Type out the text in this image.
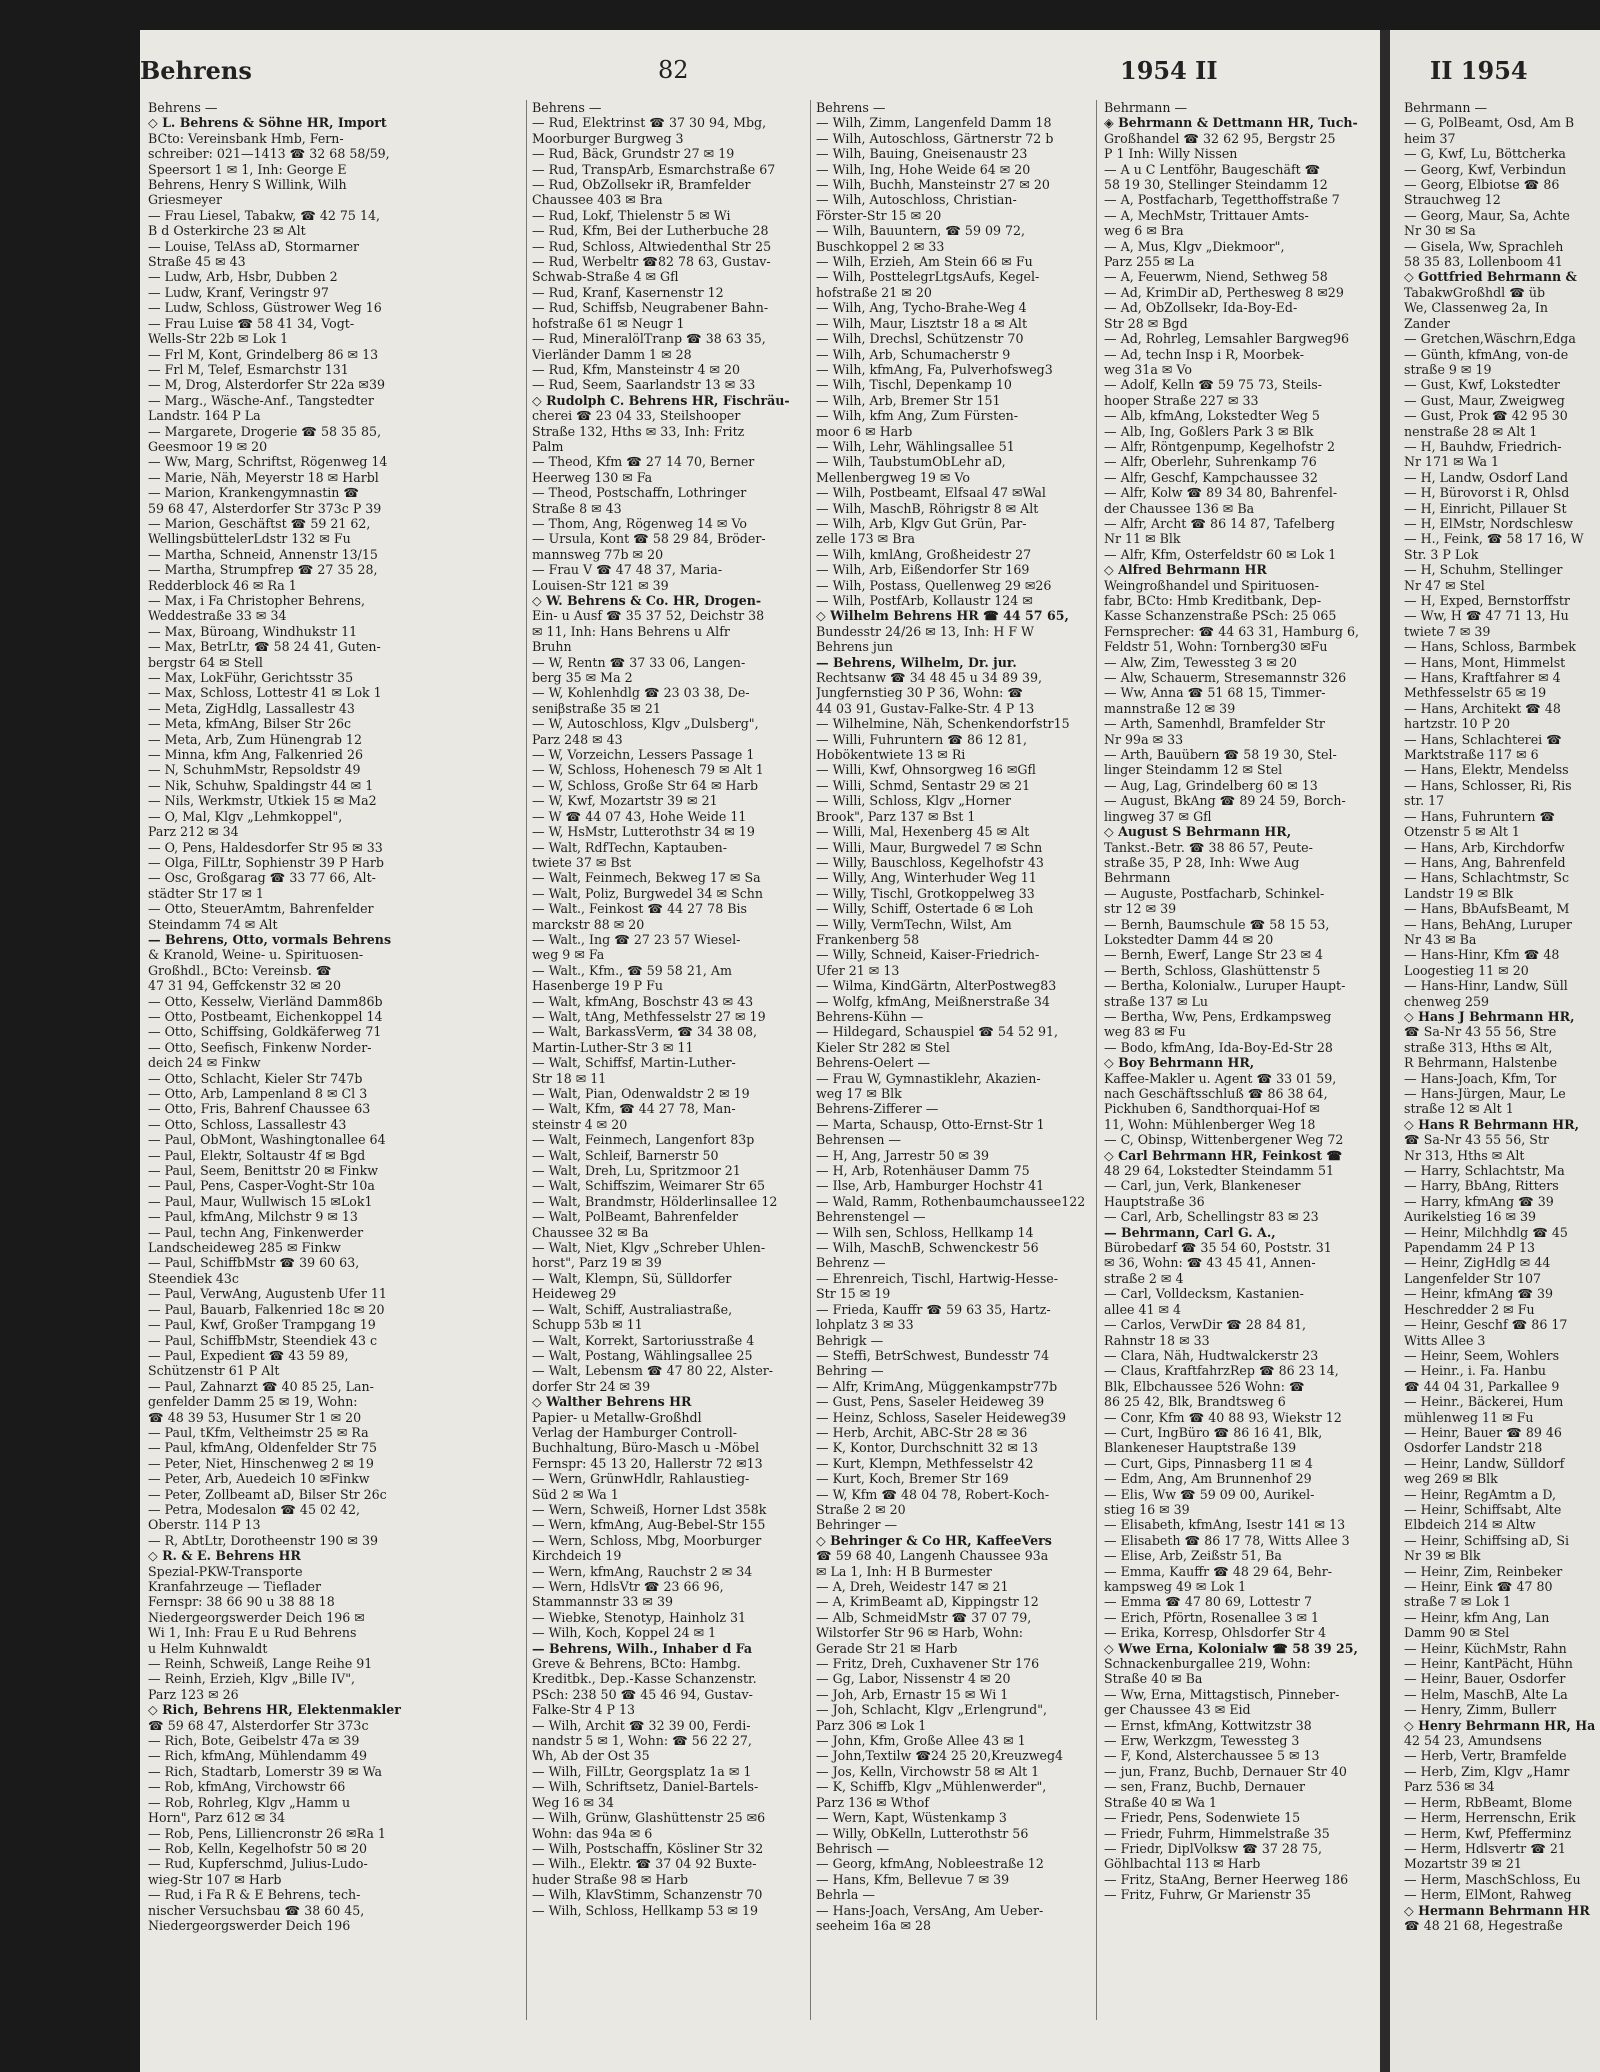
Behrens	82	1954 II	II 1954
Behrens —
◇ L. Behrens & Söhne HR, Import
BCto: Vereinsbank Hmb, Fern-
schreiber: 021—1413 ☎ 32 68 58/59,
Speersort 1 ✉ 1, Inh: George E
Behrens, Henry S Willink, Wilh
Griesmeyer
— Frau Liesel, Tabakw, ☎ 42 75 14,
B d Osterkirche 23 ✉ Alt
— Louise, TelAss aD, Stormarner
Straße 45 ✉ 43
— Ludw, Arb, Hsbr, Dubben 2
— Ludw, Kranf, Veringstr 97
— Ludw, Schloss, Güstrower Weg 16
— Frau Luise ☎ 58 41 34, Vogt-
Wells-Str 22b ✉ Lok 1
— Frl M, Kont, Grindelberg 86 ✉ 13
— Frl M, Telef, Esmarchstr 131
— M, Drog, Alsterdorfer Str 22a ✉39
— Marg., Wäsche-Anf., Tangstedter
Landstr. 164 P La
— Margarete, Drogerie ☎ 58 35 85,
Geesmoor 19 ✉ 20
— Ww, Marg, Schriftst, Rögenweg 14
— Marie, Näh, Meyerstr 18 ✉ Harbl
— Marion, Krankengymnastin ☎
59 68 47, Alsterdorfer Str 373c P 39
— Marion, Geschäftst ☎ 59 21 62,
WellingsbüttelerLdstr 132 ✉ Fu
— Martha, Schneid, Annenstr 13/15
— Martha, Strumpfrep ☎ 27 35 28,
Redderblock 46 ✉ Ra 1
— Max, i Fa Christopher Behrens,
Weddestraße 33 ✉ 34
— Max, Büroang, Windhukstr 11
— Max, BetrLtr, ☎ 58 24 41, Guten-
bergstr 64 ✉ Stell
— Max, LokFühr, Gerichtsstr 35
— Max, Schloss, Lottestr 41 ✉ Lok 1
— Meta, ZigHdlg, Lassallestr 43
— Meta, kfmAng, Bilser Str 26c
— Meta, Arb, Zum Hünengrab 12
— Minna, kfm Ang, Falkenried 26
— N, SchuhmMstr, Repsoldstr 49
— Nik, Schuhw, Spaldingstr 44 ✉ 1
— Nils, Werkmstr, Utkiek 15 ✉ Ma2
— O, Mal, Klgv „Lehmkoppel",
Parz 212 ✉ 34
— O, Pens, Haldesdorfer Str 95 ✉ 33
— Olga, FilLtr, Sophienstr 39 P Harb
— Osc, Großgarag ☎ 33 77 66, Alt-
städter Str 17 ✉ 1
— Otto, SteuerAmtm, Bahrenfelder
Steindamm 74 ✉ Alt
— Behrens, Otto, vormals Behrens
& Kranold, Weine- u. Spirituosen-
Großhdl., BCto: Vereinsb. ☎
47 31 94, Geffckenstr 32 ✉ 20
— Otto, Kesselw, Vierländ Damm86b
— Otto, Postbeamt, Eichenkoppel 14
— Otto, Schiffsing, Goldkäferweg 71
— Otto, Seefisch, Finkenw Norder-
deich 24 ✉ Finkw
— Otto, Schlacht, Kieler Str 747b
— Otto, Arb, Lampenland 8 ✉ Cl 3
— Otto, Fris, Bahrenf Chaussee 63
— Otto, Schloss, Lassallestr 43
— Paul, ObMont, Washingtonallee 64
— Paul, Elektr, Soltaustr 4f ✉ Bgd
— Paul, Seem, Benittstr 20 ✉ Finkw
— Paul, Pens, Casper-Voght-Str 10a
— Paul, Maur, Wullwisch 15 ✉Lok1
— Paul, kfmAng, Milchstr 9 ✉ 13
— Paul, techn Ang, Finkenwerder
Landscheideweg 285 ✉ Finkw
— Paul, SchiffbMstr ☎ 39 60 63,
Steendiek 43c
— Paul, VerwAng, Augustenb Ufer 11
— Paul, Bauarb, Falkenried 18c ✉ 20
— Paul, Kwf, Großer Trampgang 19
— Paul, SchiffbMstr, Steendiek 43 c
— Paul, Expedient ☎ 43 59 89,
Schützenstr 61 P Alt
— Paul, Zahnarzt ☎ 40 85 25, Lan-
genfelder Damm 25 ✉ 19, Wohn:
☎ 48 39 53, Husumer Str 1 ✉ 20
— Paul, tKfm, Veltheimstr 25 ✉ Ra
— Paul, kfmAng, Oldenfelder Str 75
— Peter, Niet, Hinschenweg 2 ✉ 19
— Peter, Arb, Auedeich 10 ✉Finkw
— Peter, Zollbeamt aD, Bilser Str 26c
— Petra, Modesalon ☎ 45 02 42,
Oberstr. 114 P 13
— R, AbtLtr, Dorotheenstr 190 ✉ 39
◇ R. & E. Behrens HR
Spezial-PKW-Transporte
Kranfahrzeuge — Tieflader
Fernspr: 38 66 90 u 38 88 18
Niedergeorgswerder Deich 196 ✉
Wi 1, Inh: Frau E u Rud Behrens
u Helm Kuhnwaldt
— Reinh, Schweiß, Lange Reihe 91
— Reinh, Erzieh, Klgv „Bille IV",
Parz 123 ✉ 26
◇ Rich, Behrens HR, Elektenmakler
☎ 59 68 47, Alsterdorfer Str 373c
— Rich, Bote, Geibelstr 47a ✉ 39
— Rich, kfmAng, Mühlendamm 49
— Rich, Stadtarb, Lomerstr 39 ✉ Wa
— Rob, kfmAng, Virchowstr 66
— Rob, Rohrleg, Klgv „Hamm u
Horn", Parz 612 ✉ 34
— Rob, Pens, Lilliencronstr 26 ✉Ra 1
— Rob, Kelln, Kegelhofstr 50 ✉ 20
— Rud, Kupferschmd, Julius-Ludo-
wieg-Str 107 ✉ Harb
— Rud, i Fa R & E Behrens, tech-
nischer Versuchsbau ☎ 38 60 45,
Niedergeorgswerder Deich 196
Behrens —
— Rud, Elektrinst ☎ 37 30 94, Mbg,
Moorburger Burgweg 3
— Rud, Bäck, Grundstr 27 ✉ 19
— Rud, TranspArb, Esmarchstraße 67
— Rud, ObZollsekr iR, Bramfelder
Chaussee 403 ✉ Bra
— Rud, Lokf, Thielenstr 5 ✉ Wi
— Rud, Kfm, Bei der Lutherbuche 28
— Rud, Schloss, Altwiedenthal Str 25
— Rud, Werbeltr ☎82 78 63, Gustav-
Schwab-Straße 4 ✉ Gfl
— Rud, Kranf, Kasernenstr 12
— Rud, Schiffsb, Neugrabener Bahn-
hofstraße 61 ✉ Neugr 1
— Rud, MineralölTranp ☎ 38 63 35,
Vierländer Damm 1 ✉ 28
— Rud, Kfm, Mansteinstr 4 ✉ 20
— Rud, Seem, Saarlandstr 13 ✉ 33
◇ Rudolph C. Behrens HR, Fischräu-
cherei ☎ 23 04 33, Steilshooper
Straße 132, Hths ✉ 33, Inh: Fritz
Palm
— Theod, Kfm ☎ 27 14 70, Berner
Heerweg 130 ✉ Fa
— Theod, Postschaffn, Lothringer
Straße 8 ✉ 43
— Thom, Ang, Rögenweg 14 ✉ Vo
— Ursula, Kont ☎ 58 29 84, Bröder-
mannsweg 77b ✉ 20
— Frau V ☎ 47 48 37, Maria-
Louisen-Str 121 ✉ 39
◇ W. Behrens & Co. HR, Drogen-
Ein- u Ausf ☎ 35 37 52, Deichstr 38
✉ 11, Inh: Hans Behrens u Alfr
Bruhn
— W, Rentn ☎ 37 33 06, Langen-
berg 35 ✉ Ma 2
— W, Kohlenhdlg ☎ 23 03 38, De-
seniβstraße 35 ✉ 21
— W, Autoschloss, Klgv „Dulsberg",
Parz 248 ✉ 43
— W, Vorzeichn, Lessers Passage 1
— W, Schloss, Hohenesch 79 ✉ Alt 1
— W, Schloss, Große Str 64 ✉ Harb
— W, Kwf, Mozartstr 39 ✉ 21
— W ☎ 44 07 43, Hohe Weide 11
— W, HsMstr, Lutterothstr 34 ✉ 19
— Walt, RdfTechn, Kaptauben-
twiete 37 ✉ Bst
— Walt, Feinmech, Bekweg 17 ✉ Sa
— Walt, Poliz, Burgwedel 34 ✉ Schn
— Walt., Feinkost ☎ 44 27 78 Bis
marckstr 88 ✉ 20
— Walt., Ing ☎ 27 23 57 Wiesel-
weg 9 ✉ Fa
— Walt., Kfm., ☎ 59 58 21, Am
Hasenberge 19 P Fu
— Walt, kfmAng, Boschstr 43 ✉ 43
— Walt, tAng, Methfesselstr 27 ✉ 19
— Walt, BarkassVerm, ☎ 34 38 08,
Martin-Luther-Str 3 ✉ 11
— Walt, Schiffsf, Martin-Luther-
Str 18 ✉ 11
— Walt, Pian, Odenwaldstr 2 ✉ 19
— Walt, Kfm, ☎ 44 27 78, Man-
steinstr 4 ✉ 20
— Walt, Feinmech, Langenfort 83p
— Walt, Schleif, Barnerstr 50
— Walt, Dreh, Lu, Spritzmoor 21
— Walt, Schiffszim, Weimarer Str 65
— Walt, Brandmstr, Hölderlinsallee 12
— Walt, PolBeamt, Bahrenfelder
Chaussee 32 ✉ Ba
— Walt, Niet, Klgv „Schreber Uhlen-
horst", Parz 19 ✉ 39
— Walt, Klempn, Sü, Sülldorfer
Heideweg 29
— Walt, Schiff, Australiastraße,
Schupp 53b ✉ 11
— Walt, Korrekt, Sartoriusstraße 4
— Walt, Postang, Wählingsallee 25
— Walt, Lebensm ☎ 47 80 22, Alster-
dorfer Str 24 ✉ 39
◇ Walther Behrens HR
Papier- u Metallw-Großhdl
Verlag der Hamburger Controll-
Buchhaltung, Büro-Masch u -Möbel
Fernspr: 45 13 20, Hallerstr 72 ✉13
— Wern, GrünwHdlr, Rahlaustieg-
Süd 2 ✉ Wa 1
— Wern, Schweiß, Horner Ldst 358k
— Wern, kfmAng, Aug-Bebel-Str 155
— Wern, Schloss, Mbg, Moorburger
Kirchdeich 19
— Wern, kfmAng, Rauchstr 2 ✉ 34
— Wern, HdlsVtr ☎ 23 66 96,
Stammannstr 33 ✉ 39
— Wiebke, Stenotyp, Hainholz 31
— Wilh, Koch, Koppel 24 ✉ 1
— Behrens, Wilh., Inhaber d Fa
Greve & Behrens, BCto: Hambg.
Kreditbk., Dep.-Kasse Schanzenstr.
PSch: 238 50 ☎ 45 46 94, Gustav-
Falke-Str 4 P 13
— Wilh, Archit ☎ 32 39 00, Ferdi-
nandstr 5 ✉ 1, Wohn: ☎ 56 22 27,
Wh, Ab der Ost 35
— Wilh, FilLtr, Georgsplatz 1a ✉ 1
— Wilh, Schriftsetz, Daniel-Bartels-
Weg 16 ✉ 34
— Wilh, Grünw, Glashüttenstr 25 ✉6
Wohn: das 94a ✉ 6
— Wilh, Postschaffn, Kösliner Str 32
— Wilh., Elektr. ☎ 37 04 92 Buxte-
huder Straße 98 ✉ Harb
— Wilh, KlavStimm, Schanzenstr 70
— Wilh, Schloss, Hellkamp 53 ✉ 19
Behrens —
— Wilh, Zimm, Langenfeld Damm 18
— Wilh, Autoschloss, Gärtnerstr 72 b
— Wilh, Bauing, Gneisenaustr 23
— Wilh, Ing, Hohe Weide 64 ✉ 20
— Wilh, Buchh, Mansteinstr 27 ✉ 20
— Wilh, Autoschloss, Christian-
Förster-Str 15 ✉ 20
— Wilh, Bauuntern, ☎ 59 09 72,
Buschkoppel 2 ✉ 33
— Wilh, Erzieh, Am Stein 66 ✉ Fu
— Wilh, PosttelegrLtgsAufs, Kegel-
hofstraße 21 ✉ 20
— Wilh, Ang, Tycho-Brahe-Weg 4
— Wilh, Maur, Lisztstr 18 a ✉ Alt
— Wilh, Drechsl, Schützenstr 70
— Wilh, Arb, Schumacherstr 9
— Wilh, kfmAng, Fa, Pulverhofsweg3
— Wilh, Tischl, Depenkamp 10
— Wilh, Arb, Bremer Str 151
— Wilh, kfm Ang, Zum Fürsten-
moor 6 ✉ Harb
— Wilh, Lehr, Wählingsallee 51
— Wilh, TaubstumObLehr aD,
Mellenbergweg 19 ✉ Vo
— Wilh, Postbeamt, Elfsaal 47 ✉Wal
— Wilh, MaschB, Röhrigstr 8 ✉ Alt
— Wilh, Arb, Klgv Gut Grün, Par-
zelle 173 ✉ Bra
— Wilh, kmlAng, Großheidestr 27
— Wilh, Arb, Eißendorfer Str 169
— Wilh, Postass, Quellenweg 29 ✉26
— Wilh, PostfArb, Kollaustr 124 ✉
◇ Wilhelm Behrens HR ☎ 44 57 65,
Bundesstr 24/26 ✉ 13, Inh: H F W
Behrens jun
— Behrens, Wilhelm, Dr. jur.
Rechtsanw ☎ 34 48 45 u 34 89 39,
Jungfernstieg 30 P 36, Wohn: ☎
44 03 91, Gustav-Falke-Str. 4 P 13
— Wilhelmine, Näh, Schenkendorfstr15
— Willi, Fuhruntern ☎ 86 12 81,
Hobökentwiete 13 ✉ Ri
— Willi, Kwf, Ohnsorgweg 16 ✉Gfl
— Willi, Schmd, Sentastr 29 ✉ 21
— Willi, Schloss, Klgv „Horner
Brook", Parz 137 ✉ Bst 1
— Willi, Mal, Hexenberg 45 ✉ Alt
— Willi, Maur, Burgwedel 7 ✉ Schn
— Willy, Bauschloss, Kegelhofstr 43
— Willy, Ang, Winterhuder Weg 11
— Willy, Tischl, Grotkoppelweg 33
— Willy, Schiff, Ostertade 6 ✉ Loh
— Willy, VermTechn, Wilst, Am
Frankenberg 58
— Willy, Schneid, Kaiser-Friedrich-
Ufer 21 ✉ 13
— Wilma, KindGärtn, AlterPostweg83
— Wolfg, kfmAng, Meißnerstraße 34
Behrens-Kühn —
— Hildegard, Schauspiel ☎ 54 52 91,
Kieler Str 282 ✉ Stel
Behrens-Oelert —
— Frau W, Gymnastiklehr, Akazien-
weg 17 ✉ Blk
Behrens-Zifferer —
— Marta, Schausp, Otto-Ernst-Str 1
Behrensen —
— H, Ang, Jarrestr 50 ✉ 39
— H, Arb, Rotenhäuser Damm 75
— Ilse, Arb, Hamburger Hochstr 41
— Wald, Ramm, Rothenbaumchaussee122
Behrenstengel —
— Wilh sen, Schloss, Hellkamp 14
— Wilh, MaschB, Schwenckestr 56
Behrenz —
— Ehrenreich, Tischl, Hartwig-Hesse-
Str 15 ✉ 19
— Frieda, Kauffr ☎ 59 63 35, Hartz-
lohplatz 3 ✉ 33
Behrigk —
— Steffi, BetrSchwest, Bundesstr 74
Behring —
— Alfr, KrimAng, Müggenkampstr77b
— Gust, Pens, Saseler Heideweg 39
— Heinz, Schloss, Saseler Heideweg39
— Herb, Archit, ABC-Str 28 ✉ 36
— K, Kontor, Durchschnitt 32 ✉ 13
— Kurt, Klempn, Methfesselstr 42
— Kurt, Koch, Bremer Str 169
— W, Kfm ☎ 48 04 78, Robert-Koch-
Straße 2 ✉ 20
Behringer —
◇ Behringer & Co HR, KaffeeVers
☎ 59 68 40, Langenh Chaussee 93a
✉ La 1, Inh: H B Burmester
— A, Dreh, Weidestr 147 ✉ 21
— A, KrimBeamt aD, Kippingstr 12
— Alb, SchmeidMstr ☎ 37 07 79,
Wilstorfer Str 96 ✉ Harb, Wohn:
Gerade Str 21 ✉ Harb
— Fritz, Dreh, Cuxhavener Str 176
— Gg, Labor, Nissenstr 4 ✉ 20
— Joh, Arb, Ernastr 15 ✉ Wi 1
— Joh, Schlacht, Klgv „Erlengrund",
Parz 306 ✉ Lok 1
— John, Kfm, Große Allee 43 ✉ 1
— John,Textilw ☎24 25 20,Kreuzweg4
— Jos, Kelln, Virchowstr 58 ✉ Alt 1
— K, Schiffb, Klgv „Mühlenwerder",
Parz 136 ✉ Wthof
— Wern, Kapt, Wüstenkamp 3
— Willy, ObKelln, Lutterothstr 56
Behrisch —
— Georg, kfmAng, Nobleestraße 12
— Hans, Kfm, Bellevue 7 ✉ 39
Behrla —
— Hans-Joach, VersAng, Am Ueber-
seeheim 16a ✉ 28
Behrmann —
◈ Behrmann & Dettmann HR, Tuch-
Großhandel ☎ 32 62 95, Bergstr 25
P 1 Inh: Willy Nissen
— A u C Lentföhr, Baugeschäft ☎
58 19 30, Stellinger Steindamm 12
— A, Postfacharb, Tegetthoffstraße 7
— A, MechMstr, Trittauer Amts-
weg 6 ✉ Bra
— A, Mus, Klgv „Diekmoor",
Parz 255 ✉ La
— A, Feuerwm, Niend, Sethweg 58
— Ad, KrimDir aD, Perthesweg 8 ✉29
— Ad, ObZollsekr, Ida-Boy-Ed-
Str 28 ✉ Bgd
— Ad, Rohrleg, Lemsahler Bargweg96
— Ad, techn Insp i R, Moorbek-
weg 31a ✉ Vo
— Adolf, Kelln ☎ 59 75 73, Steils-
hooper Straße 227 ✉ 33
— Alb, kfmAng, Lokstedter Weg 5
— Alb, Ing, Goßlers Park 3 ✉ Blk
— Alfr, Röntgenpump, Kegelhofstr 2
— Alfr, Oberlehr, Suhrenkamp 76
— Alfr, Geschf, Kampchaussee 32
— Alfr, Kolw ☎ 89 34 80, Bahrenfel-
der Chaussee 136 ✉ Ba
— Alfr, Archt ☎ 86 14 87, Tafelberg
Nr 11 ✉ Blk
— Alfr, Kfm, Osterfeldstr 60 ✉ Lok 1
◇ Alfred Behrmann HR
Weingroßhandel und Spirituosen-
fabr, BCto: Hmb Kreditbank, Dep-
Kasse Schanzenstraße PSch: 25 065
Fernsprecher: ☎ 44 63 31, Hamburg 6,
Feldstr 51, Wohn: Tornberg30 ✉Fu
— Alw, Zim, Tewessteg 3 ✉ 20
— Alw, Schauerm, Stresemannstr 326
— Ww, Anna ☎ 51 68 15, Timmer-
mannstraße 12 ✉ 39
— Arth, Samenhdl, Bramfelder Str
Nr 99a ✉ 33
— Arth, Bauübern ☎ 58 19 30, Stel-
linger Steindamm 12 ✉ Stel
— Aug, Lag, Grindelberg 60 ✉ 13
— August, BkAng ☎ 89 24 59, Borch-
lingweg 37 ✉ Gfl
◇ August S Behrmann HR,
Tankst.-Betr. ☎ 38 86 57, Peute-
straße 35, P 28, Inh: Wwe Aug
Behrmann
— Auguste, Postfacharb, Schinkel-
str 12 ✉ 39
— Bernh, Baumschule ☎ 58 15 53,
Lokstedter Damm 44 ✉ 20
— Bernh, Ewerf, Lange Str 23 ✉ 4
— Berth, Schloss, Glashüttenstr 5
— Bertha, Kolonialw., Luruper Haupt-
straße 137 ✉ Lu
— Bertha, Ww, Pens, Erdkampsweg
weg 83 ✉ Fu
— Bodo, kfmAng, Ida-Boy-Ed-Str 28
◇ Boy Behrmann HR,
Kaffee-Makler u. Agent ☎ 33 01 59,
nach Geschäftsschluß ☎ 86 38 64,
Pickhuben 6, Sandthorquai-Hof ✉
11, Wohn: Mühlenberger Weg 18
— C, Obinsp, Wittenbergener Weg 72
◇ Carl Behrmann HR, Feinkost ☎
48 29 64, Lokstedter Steindamm 51
— Carl, jun, Verk, Blankeneser
Hauptstraße 36
— Carl, Arb, Schellingstr 83 ✉ 23
— Behrmann, Carl G. A.,
Bürobedarf ☎ 35 54 60, Poststr. 31
✉ 36, Wohn: ☎ 43 45 41, Annen-
straße 2 ✉ 4
— Carl, Volldecksm, Kastanien-
allee 41 ✉ 4
— Carlos, VerwDir ☎ 28 84 81,
Rahnstr 18 ✉ 33
— Clara, Näh, Hudtwalckerstr 23
— Claus, KraftfahrzRep ☎ 86 23 14,
Blk, Elbchaussee 526 Wohn: ☎
86 25 42, Blk, Brandtsweg 6
— Conr, Kfm ☎ 40 88 93, Wiekstr 12
— Curt, IngBüro ☎ 86 16 41, Blk,
Blankeneser Hauptstraße 139
— Curt, Gips, Pinnasberg 11 ✉ 4
— Edm, Ang, Am Brunnenhof 29
— Elis, Ww ☎ 59 09 00, Aurikel-
stieg 16 ✉ 39
— Elisabeth, kfmAng, Isestr 141 ✉ 13
— Elisabeth ☎ 86 17 78, Witts Allee 3
— Elise, Arb, Zeißstr 51, Ba
— Emma, Kauffr ☎ 48 29 64, Behr-
kampsweg 49 ✉ Lok 1
— Emma ☎ 47 80 69, Lottestr 7
— Erich, Pförtn, Rosenallee 3 ✉ 1
— Erika, Korresp, Ohlsdorfer Str 4
◇ Wwe Erna, Kolonialw ☎ 58 39 25,
Schnackenburgallee 219, Wohn:
Straße 40 ✉ Ba
— Ww, Erna, Mittagstisch, Pinneber-
ger Chaussee 43 ✉ Eid
— Ernst, kfmAng, Kottwitzstr 38
— Erw, Werkzgm, Tewessteg 3
— F, Kond, Alsterchaussee 5 ✉ 13
— jun, Franz, Buchb, Dernauer Str 40
— sen, Franz, Buchb, Dernauer
Straße 40 ✉ Wa 1
— Friedr, Pens, Sodenwiete 15
— Friedr, Fuhrm, Himmelstraße 35
— Friedr, DiplVolksw ☎ 37 28 75,
Göhlbachtal 113 ✉ Harb
— Fritz, StaAng, Berner Heerweg 186
— Fritz, Fuhrw, Gr Marienstr 35
Behrmann —
— G, PolBeamt, Osd, Am B
heim 37
— G, Kwf, Lu, Böttcherka
— Georg, Kwf, Verbindun
— Georg, Elbiotse ☎ 86
Strauchweg 12
— Georg, Maur, Sa, Achte
Nr 30 ✉ Sa
— Gisela, Ww, Sprachleh
58 35 83, Lollenboom 41
◇ Gottfried Behrmann &
TabakwGroßhdl ☎ üb
We, Classenweg 2a, In
Zander
— Gretchen,Wäschrn,Edga
— Günth, kfmAng, von-de
straße 9 ✉ 19
— Gust, Kwf, Lokstedter
— Gust, Maur, Zweigweg
— Gust, Prok ☎ 42 95 30
nenstraße 28 ✉ Alt 1
— H, Bauhdw, Friedrich-
Nr 171 ✉ Wa 1
— H, Landw, Osdorf Land
— H, Bürovorst i R, Ohlsd
— H, Einricht, Pillauer St
— H, ElMstr, Nordschlesw
— H., Feink, ☎ 58 17 16, W
Str. 3 P Lok
— H, Schuhm, Stellinger
Nr 47 ✉ Stel
— H, Exped, Bernstorffstr
— Ww, H ☎ 47 71 13, Hu
twiete 7 ✉ 39
— Hans, Schloss, Barmbek
— Hans, Mont, Himmelst
— Hans, Kraftfahrer ✉ 4
Methfesselstr 65 ✉ 19
— Hans, Architekt ☎ 48
hartzstr. 10 P 20
— Hans, Schlachterei ☎
Marktstraße 117 ✉ 6
— Hans, Elektr, Mendelss
— Hans, Schlosser, Ri, Ris
str. 17
— Hans, Fuhruntern ☎
Otzenstr 5 ✉ Alt 1
— Hans, Arb, Kirchdorfw
— Hans, Ang, Bahrenfeld
— Hans, Schlachtmstr, Sc
Landstr 19 ✉ Blk
— Hans, BbAufsBeamt, M
— Hans, BehAng, Luruper
Nr 43 ✉ Ba
— Hans-Hinr, Kfm ☎ 48
Loogestieg 11 ✉ 20
— Hans-Hinr, Landw, Süll
chenweg 259
◇ Hans J Behrmann HR,
☎ Sa-Nr 43 55 56, Stre
straße 313, Hths ✉ Alt,
R Behrmann, Halstenbe
— Hans-Joach, Kfm, Tor
— Hans-Jürgen, Maur, Le
straße 12 ✉ Alt 1
◇ Hans R Behrmann HR,
☎ Sa-Nr 43 55 56, Str
Nr 313, Hths ✉ Alt
— Harry, Schlachtstr, Ma
— Harry, BbAng, Ritters
— Harry, kfmAng ☎ 39
Aurikelstieg 16 ✉ 39
— Heinr, Milchhdlg ☎ 45
Papendamm 24 P 13
— Heinr, ZigHdlg ✉ 44
Langenfelder Str 107
— Heinr, kfmAng ☎ 39
Heschredder 2 ✉ Fu
— Heinr, Geschf ☎ 86 17
Witts Allee 3
— Heinr, Seem, Wohlers
— Heinr., i. Fa. Hanbu
☎ 44 04 31, Parkallee 9
— Heinr., Bäckerei, Hum
mühlenweg 11 ✉ Fu
— Heinr, Bauer ☎ 89 46
Osdorfer Landstr 218
— Heinr, Landw, Sülldorf
weg 269 ✉ Blk
— Heinr, RegAmtm a D,
— Heinr, Schiffsabt, Alte
Elbdeich 214 ✉ Altw
— Heinr, Schiffsing aD, Si
Nr 39 ✉ Blk
— Heinr, Zim, Reinbeker
— Heinr, Eink ☎ 47 80
straße 7 ✉ Lok 1
— Heinr, kfm Ang, Lan
Damm 90 ✉ Stel
— Heinr, KüchMstr, Rahn
— Heinr, KantPächt, Hühn
— Heinr, Bauer, Osdorfer
— Helm, MaschB, Alte La
— Henry, Zimm, Bullerr
◇ Henry Behrmann HR, Ha
42 54 23, Amundsens
— Herb, Vertr, Bramfelde
— Herb, Zim, Klgv „Hamr
Parz 536 ✉ 34
— Herm, RbBeamt, Blome
— Herm, Herrenschn, Erik
— Herm, Kwf, Pfefferminz
— Herm, Hdlsvertr ☎ 21
Mozartstr 39 ✉ 21
— Herm, MaschSchloss, Eu
— Herm, ElMont, Rahweg
◇ Hermann Behrmann HR
☎ 48 21 68, Hegestraße
